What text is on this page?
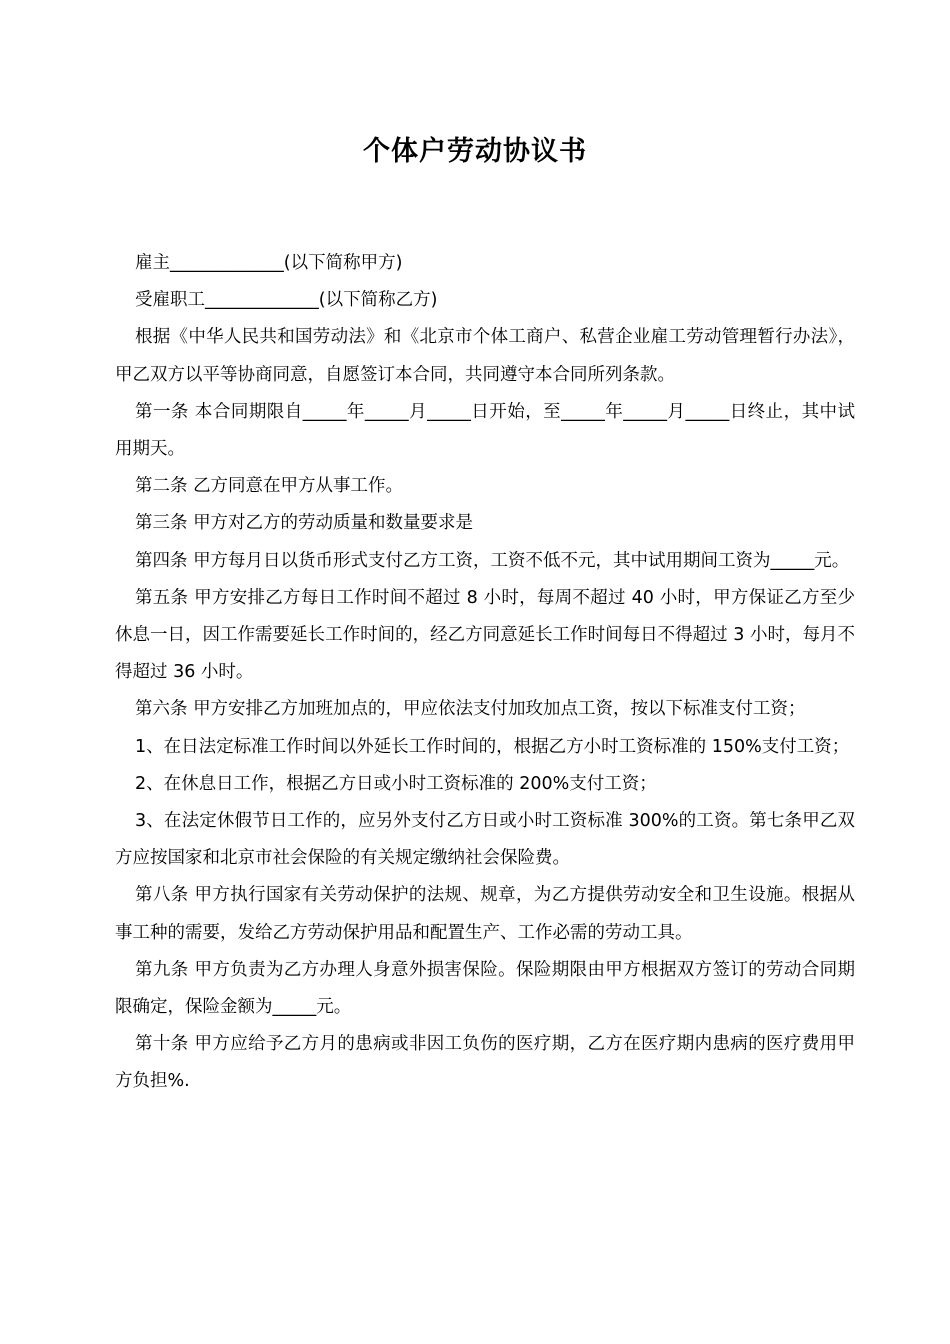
个体户劳动协议书

雇主_____________(以下简称甲方)

受雇职工_____________(以下简称乙方)

根据《中华人民共和国劳动法》和《北京市个体工商户、私营企业雇工劳动管理暂行办法》，甲乙双方以平等协商同意，自愿签订本合同，共同遵守本合同所列条款。

第一条 本合同期限自_____年_____月_____日开始，至_____年_____月_____日终止，其中试用期天。

第二条 乙方同意在甲方从事工作。

第三条 甲方对乙方的劳动质量和数量要求是

第四条 甲方每月日以货币形式支付乙方工资，工资不低不元，其中试用期间工资为_____元。

第五条 甲方安排乙方每日工作时间不超过 8 小时，每周不超过 40 小时，甲方保证乙方至少休息一日，因工作需要延长工作时间的，经乙方同意延长工作时间每日不得超过 3 小时，每月不得超过 36 小时。

第六条 甲方安排乙方加班加点的，甲应依法支付加玫加点工资，按以下标准支付工资；

1、在日法定标准工作时间以外延长工作时间的，根据乙方小时工资标准的 150%支付工资；

2、在休息日工作，根据乙方日或小时工资标准的 200%支付工资；

3、在法定休假节日工作的，应另外支付乙方日或小时工资标准 300%的工资。第七条甲乙双方应按国家和北京市社会保险的有关规定缴纳社会保险费。

第八条 甲方执行国家有关劳动保护的法规、规章，为乙方提供劳动安全和卫生设施。根据从事工种的需要，发给乙方劳动保护用品和配置生产、工作必需的劳动工具。

第九条 甲方负责为乙方办理人身意外损害保险。保险期限由甲方根据双方签订的劳动合同期限确定，保险金额为_____元。

第十条 甲方应给予乙方月的患病或非因工负伤的医疗期，乙方在医疗期内患病的医疗费用甲方负担%.
